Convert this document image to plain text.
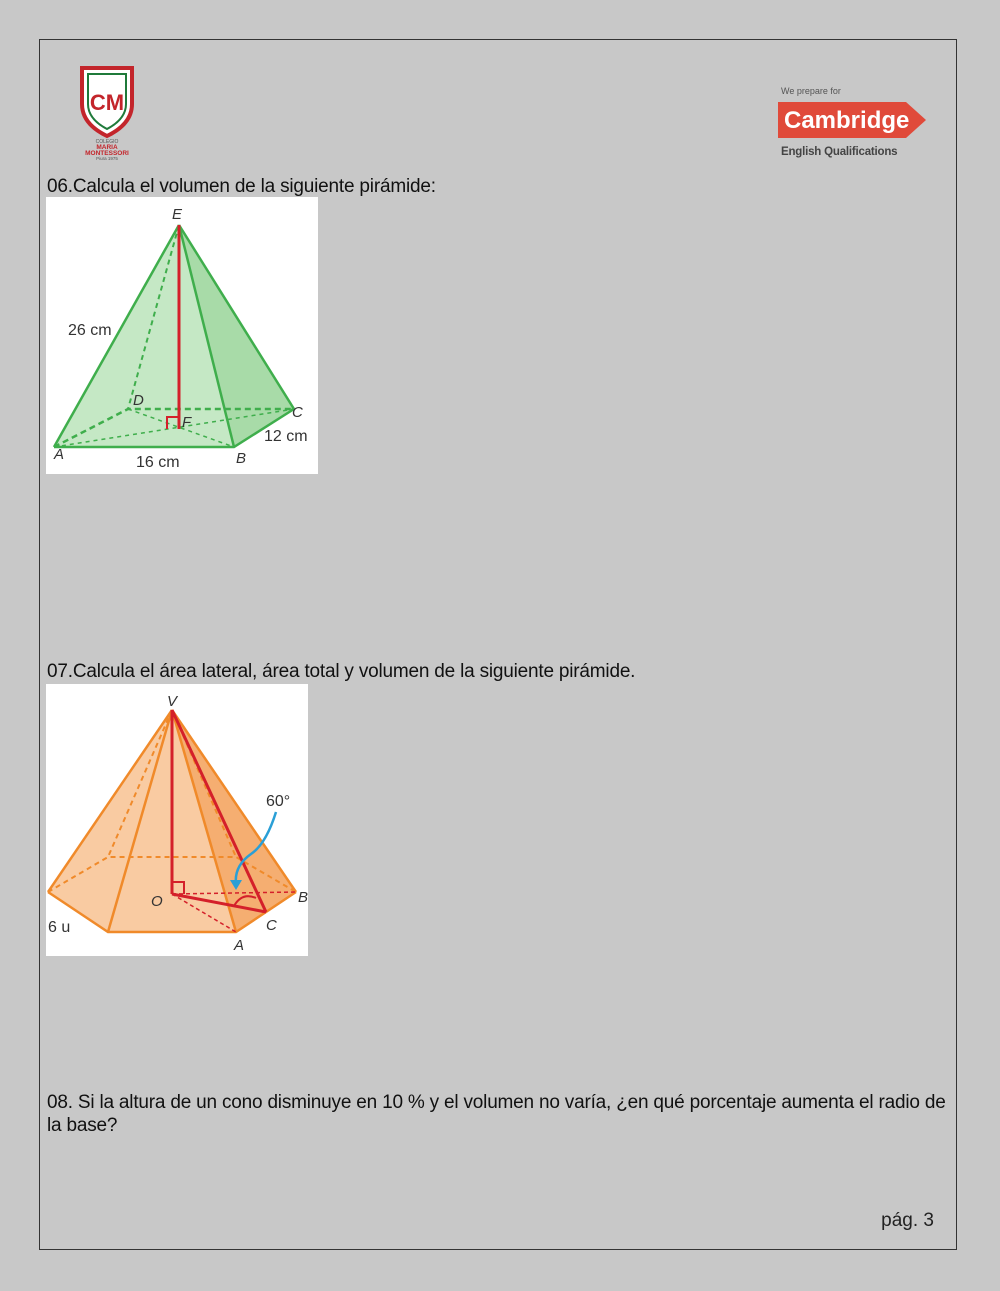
CM
COLEGIO
MARIA
MONTESSORI
Piura 1975
We prepare for
Cambridge
English Qualifications
06.Calcula el volumen de la siguiente pirámide:
E
A	B
C
D
F
26 cm
16 cm
12 cm
07.Calcula el área lateral, área total y volumen de la siguiente pirámide.
V
O
A
B
C
60°
6 u
08. Si la altura de un cono disminuye en 10 % y el volumen no varía, ¿en qué porcentaje aumenta el radio de la base?
pág. 3
